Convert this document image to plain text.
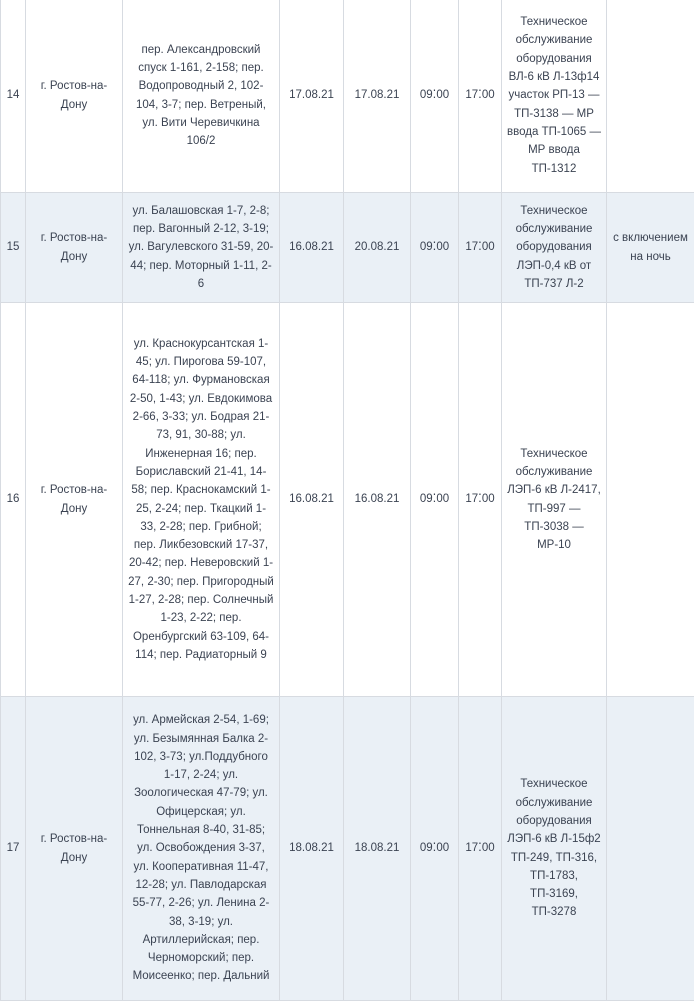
14	г. Ростов-на-Дону	пер. Александровский спуск 1-161, 2-158; пер. Водопроводный 2, 102-104, 3-7; пер. Ветреный, ул. Вити Черевичкина 106/2	17.08.21	17.08.21	09⁚00	17⁚00	Техническое обслуживание оборудования ВЛ-6 кВ Л-13ф14 участок РП-13 — ТП-3138 — МР ввода ТП-1065 — МР ввода ТП-1312	
15	г. Ростов-на-Дону	ул. Балашовская 1-7, 2-8; пер. Вагонный 2-12, 3-19; ул. Вагулевского 31-59, 20-44; пер. Моторный 1-11, 2-6	16.08.21	20.08.21	09⁚00	17⁚00	Техническое обслуживание оборудования ЛЭП-0,4 кВ от ТП-737 Л-2	с включением на ночь
16	г. Ростов-на-Дону	ул. Краснокурсантская 1-45; ул. Пирогова 59-107, 64-118; ул. Фурмановская 2-50, 1-43; ул. Евдокимова 2-66, 3-33; ул. Бодрая 21-73, 91, 30-88; ул. Инженерная 16; пер. Бориславский 21-41, 14-58; пер. Краснокамский 1-25, 2-24; пер. Ткацкий 1-33, 2-28; пер. Грибной; пер. Ликбезовский 17-37, 20-42; пер. Неверовский 1-27, 2-30; пер. Пригородный 1-27, 2-28; пер. Солнечный 1-23, 2-22; пер. Оренбургский 63-109, 64-114; пер. Радиаторный 9	16.08.21	16.08.21	09⁚00	17⁚00	Техническое обслуживание ЛЭП-6 кВ Л-2417, ТП-997 — ТП-3038 — МР-10	
17	г. Ростов-на-Дону	ул. Армейская 2-54, 1-69; ул. Безымянная Балка 2-102, 3-73; ул.Поддубного 1-17, 2-24; ул. Зоологическая 47-79; ул. Офицерская; ул. Тоннельная 8-40, 31-85; ул. Освобождения 3-37, ул. Кооперативная 11-47, 12-28; ул. Павлодарская 55-77, 2-26; ул. Ленина 2-38, 3-19; ул. Артиллерийская; пер. Черноморский; пер. Моисеенко; пер. Дальний	18.08.21	18.08.21	09⁚00	17⁚00	Техническое обслуживание оборудования ЛЭП-6 кВ Л-15ф2 ТП-249, ТП-316, ТП-1783, ТП-3169, ТП-3278	
